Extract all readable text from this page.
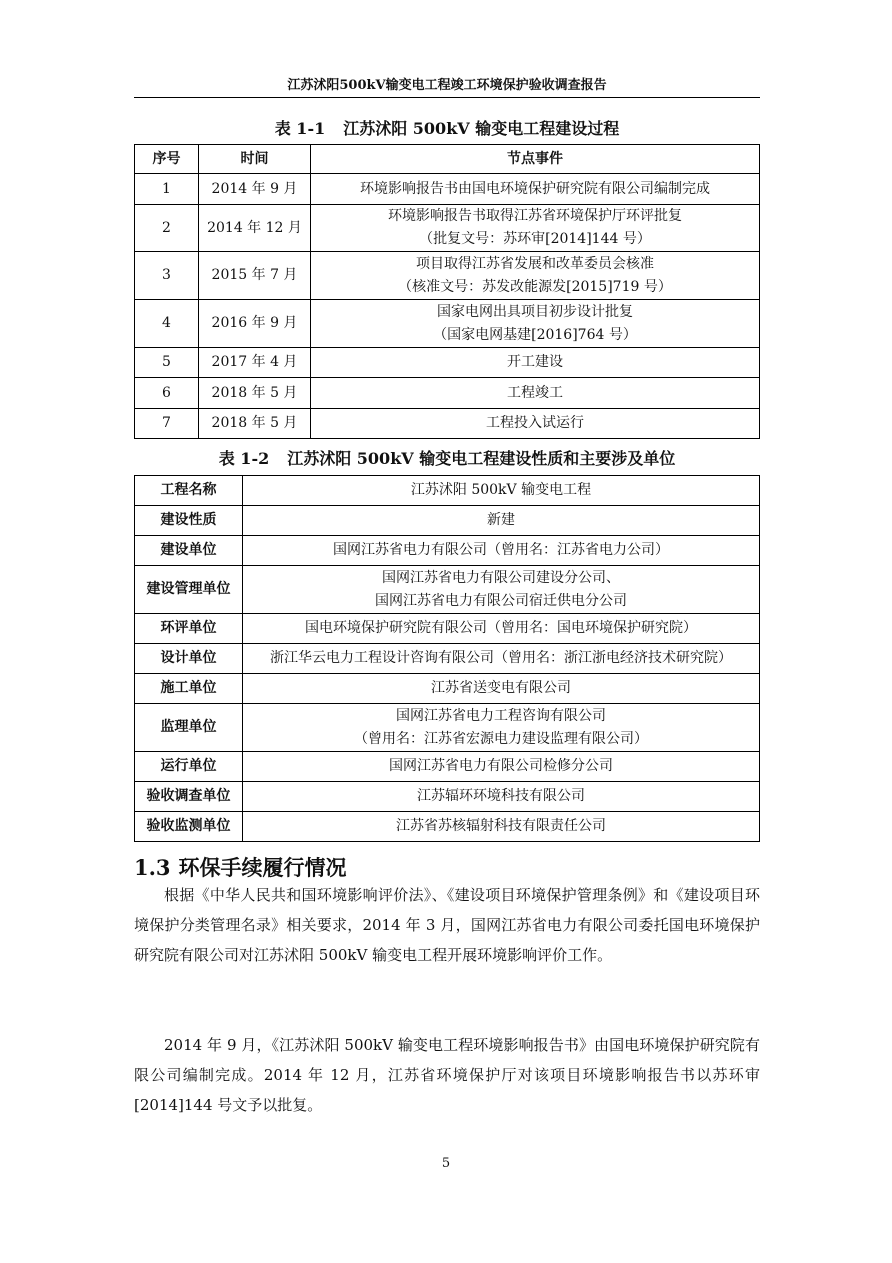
江苏沭阳500kV输变电工程竣工环境保护验收调查报告
表 1-1 江苏沭阳 500kV 输变电工程建设过程
序号	时间	节点事件
1	2014 年 9 月	环境影响报告书由国电环境保护研究院有限公司编制完成

2	2014 年 12 月	环境影响报告书取得江苏省环境保护厅环评批复
（批复文号：苏环审[2014]144 号）

3	2015 年 7 月	项目取得江苏省发展和改革委员会核准
（核准文号：苏发改能源发[2015]719 号）

4	2016 年 9 月	国家电网出具项目初步设计批复
（国家电网基建[2016]764 号）

5	2017 年 4 月	开工建设

6	2018 年 5 月	工程竣工

7	2018 年 5 月	工程投入试运行
表 1-2 江苏沭阳 500kV 输变电工程建设性质和主要涉及单位
工程名称	江苏沭阳 500kV 输变电工程

建设性质	新建

建设单位	国网江苏省电力有限公司（曾用名：江苏省电力公司）

建设管理单位	国网江苏省电力有限公司建设分公司、
国网江苏省电力有限公司宿迁供电分公司

环评单位	国电环境保护研究院有限公司（曾用名：国电环境保护研究院）

设计单位	浙江华云电力工程设计咨询有限公司（曾用名：浙江浙电经济技术研究院）

施工单位	江苏省送变电有限公司

监理单位	国网江苏省电力工程咨询有限公司
（曾用名：江苏省宏源电力建设监理有限公司）

运行单位	国网江苏省电力有限公司检修分公司

验收调查单位	江苏辐环环境科技有限公司

验收监测单位	江苏省苏核辐射科技有限责任公司
1.3 环保手续履行情况

根据《中华人民共和国环境影响评价法》、《建设项目环境保护管理条例》和《建设项目环境保护分类管理名录》相关要求，2014 年 3 月，国网江苏省电力有限公司委托国电环境保护研究院有限公司对江苏沭阳 500kV 输变电工程开展环境影响评价工作。

2014 年 9 月，《江苏沭阳 500kV 输变电工程环境影响报告书》由国电环境保护研究院有限公司编制完成。2014 年 12 月，江苏省环境保护厅对该项目环境影响报告书以苏环审[2014]144 号文予以批复。

5
